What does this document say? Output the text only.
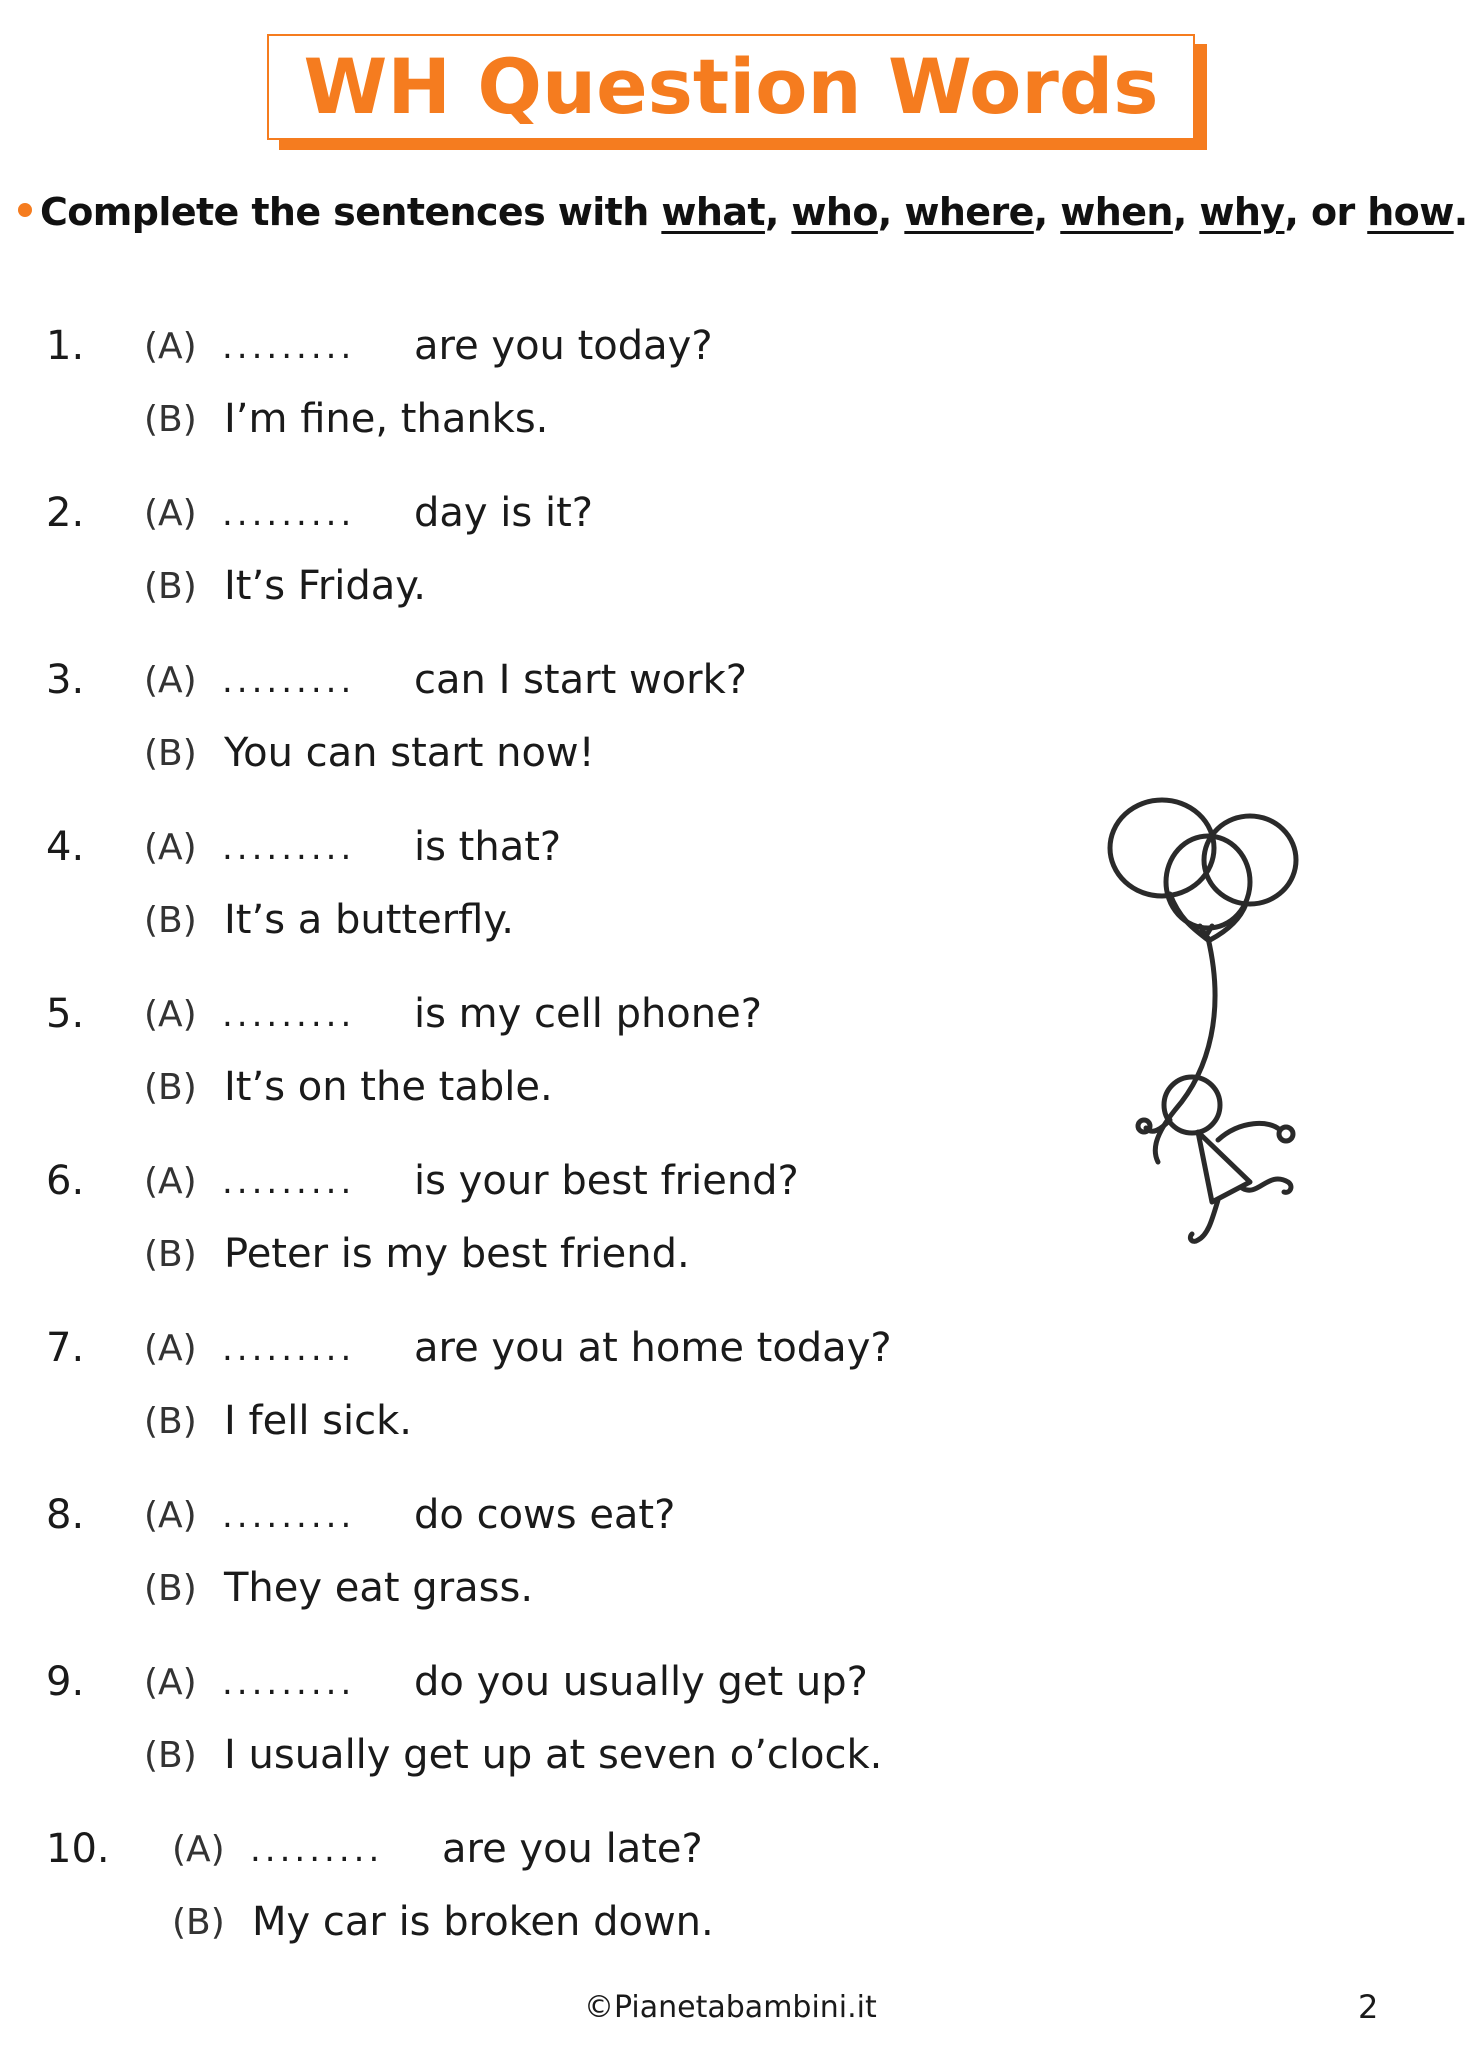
WH Question Words
Complete the sentences with
what , who , where , when , why , or
how .
1. (A) ......... are you today?
(B) I’m fine, thanks.
2. (A) ......... day is it?
(B) It’s Friday.
3. (A) ......... can I start work?
(B) You can start now!
4. (A) ......... is that?
(B) It’s a butterfly.
5. (A) ......... is my cell phone?
(B) It’s on the table.
6. (A) ......... is your best friend?
(B) Peter is my best friend.
7. (A) ......... are you at home today?
(B) I fell sick.
8. (A) ......... do cows eat?
(B) They eat grass.
9. (A) ......... do you usually get up?
(B) I usually get up at seven o’clock.
10. (A) ......... are you late?
(B) My car is broken down.
©Pianetabambini.it	2
